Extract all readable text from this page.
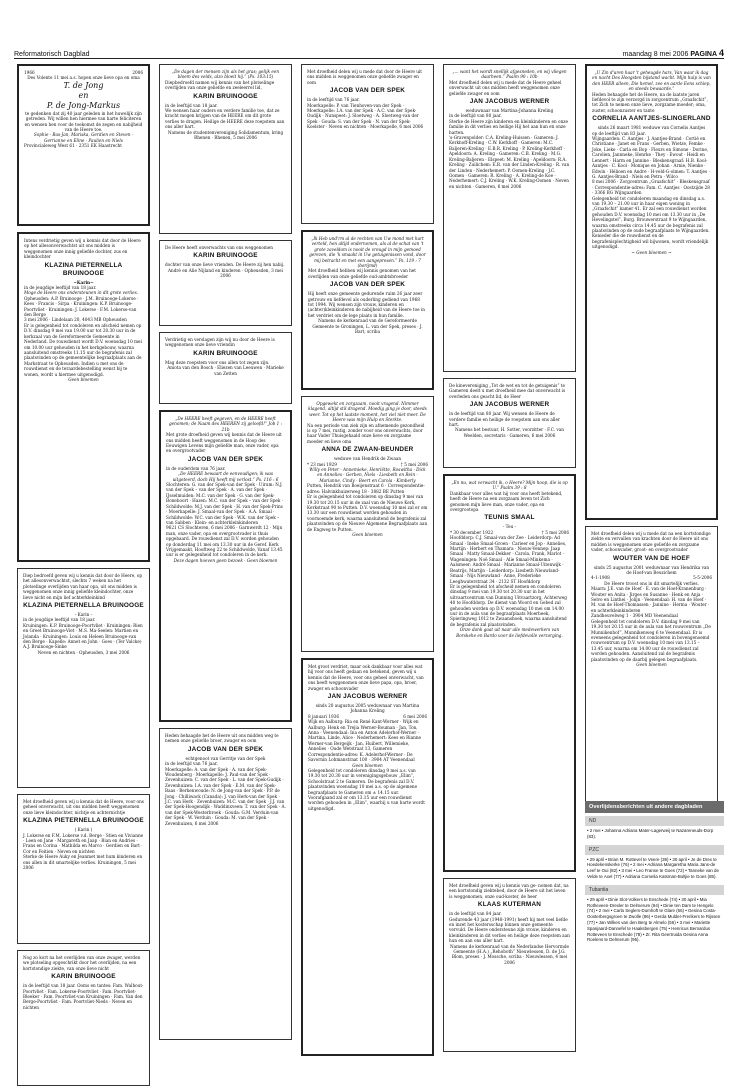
Reformatorisch Dagblad	maandag 8 mei 2006 PAGINA 4
1966	2006
Des Volente 11 mei a.s. hopen onze lieve opa en oma
T. de Jong
en
P. de Jong-Markus
te gedenken dat zij 40 jaar geleden in het huwelijk zijn getreden. Wij willen hen hiermee van harte feliciteren en wensen hen voor de toekomst de zegen en nabijheid van de Heere toe.
Sophie · Bas-Jan, Mariska, Gerdien en Steven · Gerrianne en Eline · Paulien en Niels
Provincialeweg West 61 · 2351 EK Haastrecht
Intens verdrietig geven wij u kennis dat door de Heere op het allesonverwachtst uit ons midden is weggenomen onze innig geliefde dochter, zus en kleindochter
KLAZINA PIETERNELLA BRUINOOGE
~Karin~
in de jeugdige leeftijd van 18 jaar.
Moge de Heere ons ondersteunen in dit grote verlies.
Opheusden: A.P. Bruinooge · J.M. Bruinooge-Lokerse · Kees · Francis · Sirpa · Kruiningen: K.P. Bruinooge-Poortvliet · Kruiningen: J. Lokerse · F.M. Lokerse-van den Berge
3 mei 2006 · Lindelaan 20, 4043 MB Opheusden
Er is gelegenheid tot condoleren en afscheid nemen op D.V. dinsdag 9 mei van 19.00 uur tot 20.30 uur in de kerkzaal van de Gereformeerde Gemeente in Nederland. De rouwdienst wordt D.V. woensdag 10 mei om 10.00 uur gehouden in het kerkgebouw, waarna aansluitend omstreeks 11.15 uur de begrafenis zal plaatsvinden op de gemeentelijke begraafplaats aan de Markstraat te Opheusden. Indien u met ons de rouwdienst en de teraardebestelling wenst bij te wonen, wordt u hiermee uitgenodigd.
Geen bloemen
Diep bedroefd geven wij u kennis dat door de Heere, op het allesonverwachtst, slechts 7 weken na het plotselinge overlijden van haar opa, uit ons midden is weggenomen onze innig geliefde kleindochter, onze lieve nicht en mijn lief achterkleinkind
KLAZINA PIETERNELLA BRUINOOGE
- Karin -
in de jeugdige leeftijd van 18 jaar.
Kruiningen: K.P. Bruinooge-Poortvliet · Kruiningen: Rien en Greet Bruinooge-Viet · M.S. Ma-Seelen: Martien en Jolanda · Kruiningen: Louis en Heleen Bruinooge-van den Berge · Kapelle: Annet en John · Goes · (Ter Valcke) A.J. Bruinooge-Sinke
Neven en nichten · Opheusden, 3 mei 2006
Met droefheid geven wij u kennis dat de Heere, voor ons geheel onverwacht, uit ons midden heeft weggenomen onze lieve kleindochter, nichtje en achternichtje
KLAZINA PIETERNELLA BRUINOOGE
( Karin )
J. Lokerse en F.M. Lokerse v.d. Berge · Stien en Vivianne · Leen en Jane · Margareth en Jaap · Bian en Andries · Frans en Corina · Mathilda en Marco · Gerdien en Bart · Cor en Feitien · Neven en nichten
Sterke de Heere Auky en Jeanmet met hum kinderen en ons allen in dit smartelijke verlies. Kruiningen, 5 mei 2006
Nog zo kort na het overlijden van onze zwager, werden we plotseling opgeschrikt door het overlijden, na een kortstondige ziekte, van onze lieve nicht
KARIN BRUINOOGE
in de leeftijd van 18 jaar. Ooms en tantes: Fam. Walhout-Poortvliet · Fam. Lokerse-Poortvliet · Fam. Poortvliet-Bleeker · Fam. Poortvliet-van Kruiningen · Fam. Van den Berge-Poortvliet · Fam. Poortvliet-Nieds · Neven en nichten
„De dagen der mensen zijn als het gras; gelijk een bloem des velds, alzo bloeit hij.” (Ps. 103:15)
Diepbedroefd namen wij kennis van het plotselinge overlijden van onze geliefde en zeeleerrel lid,
KARIN BRUINOOGE
in de leeftijd van 18 jaar.
We wensen haar ouders en verdere familie toe, dat ze kracht mogen krijgen van de HEERE om dit grote verlies te dragen. Heilige de HEERE deze roepstem aan ons aller hart.
Namens de studentenvereniging Solidamentum, kring Rhenen · Rhenen, 5 mei 2006
De Heere heeft onverwachts van ons weggenomen
KARIN BRUINOOGE
dochter van onze lieve vrienden. De Heere zij hen nabij.
André en Alie Nijland en kinderen · Opheusden, 3 mei 2006
Verdrietig en verslagen zijn wij nu door de Heere is weggenomen onze lieve vriendin
KARIN BRUINOOGE
Mag deze roepstem voor ons allen tot zegen zijn.
Aniota van den Bosch · Eliezen van Leeuwen · Marieke van Zetten
„De HEERE heeft gegeven, en de HEERE heeft genomen; de Naam des HEEREN zij geloofd!” Job 1 : 21b
Met grote droefheid geven wij kennis dat de Heere uit ons midden heeft weggenomen in de Hoop des Eeuwigen Levens mijn geliefde man, onze vader, opa en overgrootvader
JACOB VAN DER SPEK
in de ouderdom van 76 jaar.
„De HEERE bewaart de eenvoudigen; ik was uitgeteerd, doch Hij heeft mij verlost.” Ps. 116 : 6
Slochteren: G. van der Spek-van der Spek · Uirum: N.J. van der Spek – van der Spek · A. van der Spek · IJsselmuiden: M.C. van der Spek · G. van der Spek-Boneboort · Hazen: M.C. van der Spek – van der Spek · Schildwolde: M.J. van der Spek · H. van der Spek-Prins · Moerkapelle: J. Smaal-van der Spek · A.A. Smaal · Schildwolde: W.C. van der Spek · W.K. van der Spek – van Sabben · Klein- en achterkleinkinderen
9621 CS Slochteren, 6 mei 2006 · Garnwerdt 12 · Mijn man, onze vader, opa en overgrootvader is thuis opgebaard. De rouwdienst zal D.V. worden gehouden op donderdag 11 mei om 13.30 uur in de Geref. Kerk Vrijgemaakt, Hooftweg 22 te Schildwolde, Vanaf 13.45 uur is er gelegenheid tot condoleren in de kerk.
Deze dagen hoeven geen bezoek · Geen bloemen
Heden behaagde het de Heere uit ons midden weg te nemen onze geliefde broer, zwager en oom
JACOB VAN DER SPEK
echtgenoot van Gerritje van der Spek
in de leeftijd van 76 jaar.
Moerkapelle: A. van der Spek · A. van der Spek-Woudenberg · Moerkapelle: J. Paul-van der Spek · Zevenhuizen: C. van der Spek · L. van der Spek-Gudijk · Zevenhuizen: I.A. van der Spek · E.M. van der Spek-Baas · Berkenwoude: N. de Jong-van der Spek · P.P. de Jong · Chilliwack (Canada): J. van Herk-van der Spek · J.C. van Herk · Zevenhuizen: M.C. van der Spek · J.J. van der Spek-Hoogendijk · Waddinxveen: T. van der Spek · A. van der Spek-Westerbroek · Gouda: G.M. Verduin-van der Spek · W. Verduin · Gouda: M. van der Spek · Zevenhuizen, 6 mei 2006
Met droefheid delen wij u mede dat door de Heere uit ons midden is weggenomen onze geliefde zwager en oom
JACOB VAN DER SPEK
in de leeftijd van 76 jaar.
Moerkapelle: P. van Tienhoven-van der Spek · Moerkapelle: I.A. van der Spek · A.C. van der Spek-Oudijk · Nunspeet: J. Sloetweg · A. Sloetweg-van der Spek · Gouda: S. van der Spek · N. van der Spek-Koelster · Neven en nichten · Moerkapelle, 6 mei 2006
„Ik Heb und'rm al de rechten van Uw mond met hart verteld, hen altijd ondernomen, als al de schat van 't grote zaveldom is nooit de vreugd in mijn gemoed gerezen, die 'k smaakt in Uw getuigenissen vond, door mij betracht en met een aangepresen.” Ps. 119 : 7 (berijmd)
Met droefheid hebben wij kennis genomen van het overlijden van onze geliefde oud-ambtsbroeder
JACOB VAN DER SPEK
Hij heeft onze gemeente gedurende ruim 26 jaar zeer getrouw en liefdevol als ouderling gediend van 1968 tot 1994. Wij wensen zijn vrouw, kinderen en (achter)kleinkinderen de nabijheid van de Heere toe in het verdriet om de lege plaats in hun familie.
Namens de kerkenraad van de Gereformeerde Gemeente te Groningen, L. van der Spek, preses · J. Bart, scriba
Opgewekt en zorgzaam, nooit vragend. Nimmer klagend, altijd stil dragend. Moedig ging je door, steeds weer. Tot op het laatste moment, het viel niet meer. De Heere was mijn Hulp en Sterkte.
Na een periode van ziek zijn en afnemende gezondheid is op 7 mei, rustig, zonder voor ons onverwachts, door haar Vader Thuisgehaald onze lieve en zorgzame moeder en lieve oma
ANNA DE ZWAAN-BEUNDER
weduwe van Hendrik de Zwaan
* 23 mei 1929	† 5 mei 2006
Willy en Peter · Annemieke, Henriëtte, Roswitha · Dick en Annelies · Gerben, Niels · Liesbeth en Rein · Marianne, Cindy · Beert en Carola · Kimberly
Putten, Hendrik van Boeijenstraat 6 · Correspondentie-adres: Halvinkhuizerweg 18 · 3882 BE Putten
Er is gelegenheid tot condoleren op dinsdag 9 mei van 19.30 tot 20.15 uur in de zaal van de Nieuwe Kerk, Kerkstraat 90 te Putten. D.V. woensdag 10 mei zal er om 13.30 uur een rouwdienst worden gehouden in voornoemde kerk, waarna aansluitend de begrafenis zal plaatsvinden op de Nieuwe Algemene Begraafplaats aan de Engweg te Putten.
Geen bloemen
Met groot verdriet, maar ook dankbaar voor alles wat hij voor ons heeft gedaan en betekend, geven wij u kennis dat de Heere, voor ons geheel onverwacht, van ons heeft weggenomen onze lieve papa, opa, broer, zwager en schoonvader
JAN JACOBUS WERNER
sinds 20 augustus 2005 weduwnaar van Martina Johanna Kreling
8 januari 1936	6 mei 2006
Wijk en Aalburg: Ria en René Kant-Werner · Wijk en Aalburg: Henk en Trejia Werner-Bouman · Jan, Ton, Anna · Veenendaal: Ina en Anton Adelerhof-Werner · Martina, Linde, Alice · Nederhemert: Kees en Rianne Werner-van Bergeijk · Jan, Huibert, Willemieke, Annelies · Oude Wetstraat 13, Gameren
Correspondentie-adres: K. Adelerhof-Werner · De Savornin Lohmanstraat 100 · 3904 AT Veenendaal
Geen bloemen
Gelegenheid tot condoleren dinsdag 9 mei a.s. van 19.30 tot 20.30 uur in verenigingsgebouw „Elim”, Schoolstraat 2 te Gameren. De begrafenis zal D.V. plaatsvinden woensdag 10 mei a.s. op de algemene begraafplaats te Gameren om ± 14.15 uur. Voorafgaand zal er om 13.15 uur een rouwdienst worden gehouden in „Elim”, waarbij u van harte wordt uitgenodigd.
„... want het wordt snellijk afgesneden, en wij vliegen daarheen.” Psalm 90 : 10b
Met droefheid delen wij u mede dat de Heere geheel onverwacht uit ons midden heeft weggenomen onze geliefde zwager en oom
JAN JACOBUS WERNER
weduwnaar van Martina-Johanna Kreling
in de leeftijd van 80 jaar.
Sterke de Heere zijn kinderen en kleinkinderen en onze familie in dit verlies en heilige Hij het aan hun en onze harten.
's-Gravenpolder: C.A. Kreling-Huissen · Gameren: J. Kerkhoff-Kreling · C.W. Kerkhoff · Gameren: M.C. Baljeren-Kreling · E.B.R. Kreling · P. Kreling-Kerkhoff · Apeldoorn: A. Kreling · Gameren: C.B. Kreling · M.G. Kreling-Baljeren · Elspeet: M. Kreling · Apeldoorn: R.A. Kreling · Zuilichem: E.R. van der Linden-Kreling · R. van der Linden · Nederhemert: P. Oomen-Kreling · J.C. Oomen · Gameren: R. Kreling · A. Kreling-de Koe · Nederhemert: C.J. Kreling · W.K. Kreling-Oomen · Neven en nichten · Gameren, 6 mei 2006
De kinevereniging „Tot de wet en tot de getuigenis” te Gameren deelt u met droefheid mee dat onverwacht is overleden ons geacht lid, de Heer
JAN JACOBUS WERNER
in de leeftijd van 80 jaar. Wij wensen de Heere de verdere familie en heilige de roepstem aan ons aller hart.
Namens het bestuur, H. Sotter, voorzitter · F.C. van Weelden, secretaris · Gameren, 6 mei 2006
„En nu, wat verwacht ik, o Heere? Mijn hoop, die is op U.” Psalm 39 : 8
Dankbaar voor alles wat hij voor ons heeft betekend, heeft de Heere na een zorgzaam leven tot Zich genomen mijn lieve man, onze vader, opa en overgrootopa
TEUNIS SMAAL
- Teu -
* 30 december 1922	† 5 mei 2006
Hoofddorp: C.J. Smaal-van der Zee · Leiderdorp: Ad Smaal · Ineke Smaal-Groen · Carieer en Jop · Annelies, Martijn · Herbert en Thamara · Nieuw-Vennep: Jaap Smaal · Matty Smaal-Dekker · Carola, Frank, Marlot · Wageningen: Noë Smaal · Alie Smaal-Minkema · Aalsmeer: André Smaal · Marianne Smaal-Uitenwijk · Beatrijs, Martijn · Leiderdorp: Liesbeth Nieuwland-Smaal · Nijs Nieuwland · Anne, Frederieke
Leeghwaterstraat 34 · 2132 ST Hoofddorp
Er is gelegenheid tot afscheid nemen en condoleren dinsdag 9 mei van 19.30 tot 20.30 uur in het uitvaartcentrum van Dunning Uitvaartzorg, Achterweg 40 te Hoofddorp. De dienst van Woord en Gebed zal gehouden worden op D.V. woensdag 10 mei om 14.00 uur in de aula van de begraafplaats Moerbeek, Spieringweg 1012 te Zwaanshoek, waarna aansluitend de begrafenis zal plaatsvinden.
Onze dank gaat uit naar alle medewerkers van Borskehe en Bardo voor de liefdevolle verzorging.
Met droefheid geven wij u kennis van ge- nomen dat, na een kortstondig ziektebed, door de Heere uit het leven is weggenomen, onze oud-koster, de heer
KLAAS KUTERMAN
in de leeftijd van 84 jaar.
Gedurende 43 jaar (1948-1991) heeft hij met veel liefde en inzet het kostersschap binnen onze gemeente vervuld. De Heere ondersteune zijn vrouw, kinderen en kleinkinderen in dit verlies en heilige deze roepstem aan hun en aan ons aller hart.
Namens de kerkenraad van de Nederlandse Hervormde Gemeente (H.A.) „Rehoboth” Nieuwlessen, D. de J.G. Blom, preses · J. Mossche, scriba · Nieuwlessen, 4 mei 2006
„U Zin d'uren haar 't geheugde hars, Van waar ik dag en nacht Des Hoogsten bijstand wacht. Mijn hulp is van den HEER alleen, Die hemel, zee en aarde Eens schiep, en steeds bewaarde.”
Heden behaagde het de Heere, na de laatste jaren liefdevol te zijn verzorgd in zorgcentrum „Graafschit”, tot Zich te nemen onze lieve, zorgzame moeder; oma, zuster, schoonzuster en tante
CORNELIA AANTJES-SLINGERLAND
sinds 26 maart 1981 weduwe van Cornelis Aantjes
op de leeftijd van 83 jaar.
Wijngaarden: C. Aantjes · J. Aantjes-Brand · Cortié en Christiane · Janet en Frans · Gerben, Wietze, Femke · Joke, Lieke · Carla en Bop · Fleurs en Simone · Dorine, Carolien, Jannneke, Henrke · They · Ewout · Heidi en Lennert · Harm en Jannine · Bleskensgraaf: H.B. Kool-Aantjes · C. Kool · Monique en Johan · Arnie, Nienke · Edwin · Hélioen en Andre · H-veld-G-olmen: T. Aantjes · G. Aantjes-Brand · Niels en Petra · Wilco
8 mei 2006 · Zorgcentrum „Graafschit” · Bleskensgraaf · Correspondentie-adres: Fam. C. Aantjes · Oostzijde 28 · 3366 BG Wijngaarden
Gelegenheid tot condoleren maandag en dinsdag a.s. van 19.30 – 21.00 uur in haar eigen woning in „Graafschit” kamer 41. Er zal een rouwdienst worden gehouden D.V. woensdag 10 mei om 13.30 uur in „De Hevelingstel”, Burg. Brouwerstraat 9 te Wijngaarden, waarna omstreeks circa 14.45 uur de begrafenis zal plaatsvinden op de oude begraafplaats te Wijngaarden. Kenieder die de rouwdienst en de begrafenisplechtigheid wil bijwonen, wordt vriendelijk uitgenodigd.
~ Geen bloemen ~
Met droefheid delen wij u mede dat na een kortstondige ziekte en vervallen van krachten door de Heere uit ons midden is weggenomen onze geliefde en zorgzame vader, schoonvader, groot- en overgrootvader
WOUTER VAN DE HOEF
sinds 25 augustus 2001 weduwnaar van Hendrika van de Hoef-van Beuzichem
4-1-1908	5-5-2006
De Heere troost ons in dit smartelijk verlies.
Maarn: J.E. van de Hoef · E. van de Hoef-Kranenburg · Wouter en Anita · Jirges en Susanne · Henk en Anja · Selvo en Linthei · Jolijn · Veenendaal: H. van de Hoef · M. van de Hoef-Thomassen · Jannine · Herma · Wouter · en achterkleinkinderen
Zandheuvelweg 1 · 3904 MD Veenendaal
Gelegenheid tot condoleren D.V. dinsdag 9 mei van 19.30 tot 20.15 uur in de aula van het rouwcentrum „De Munnikenhof”, Munnikenweg 6 te Veenendaal. Er is eveneens gelegenheid tot condoleren in bovengenoemd rouwcentrum op D.V. woensdag 10 mei van 13.15 – 13.45 uur, waarna om 14.00 uur de rouwdienst zal worden gehouden. Aansluitend zal de begrafenis plaatsvinden op de daarbij gelegen begraafplaats.
Geen bloemen
Overlijdensberichten uit andere dagbladen
ND
• 2 mei • Johanna Adriana Mater-Lagerweij te Nazareneuds-Dorp (83).
PZC
• 29 april • Brian M. Rottevel te Veere (39) • 30 april • Je de Drex te Hoedekenskerke (76) • 2 mei • Adriana Margaretha Maria Jans-de Leef te Oui (82) • 3 mei • Leo Franse te Goes (72) • Tanneke van de Velde te Axel (77) • Adriana Cornelia Katsman-Boltjie te Goes (85).
Tubantia
• 29 april • Dinie Slot-Volkers te Enschede (74) • 30 april • Mia Rotheveen-Drexler te Delmerum (94) • Dinie ten Dam te Hengelo (74) • 2 mei • Carla Seglers-Dumhoft te Glare (66) • Gesina Costa-Oosterbergsgroen te Zwolle (86) • Gerda Mulder-Frerikers te Rijssen (77) • Jan Wilkes van den Berg te Almelo (56) • 3 mei • Mariette Spanjaard-Dannefel te Haaksbergen (75) • Henricus Bernardus Rotteveen te Enschede (78) • Zr. Rita Geertruida Gesina Anna Roelens te Delmerum (95).
